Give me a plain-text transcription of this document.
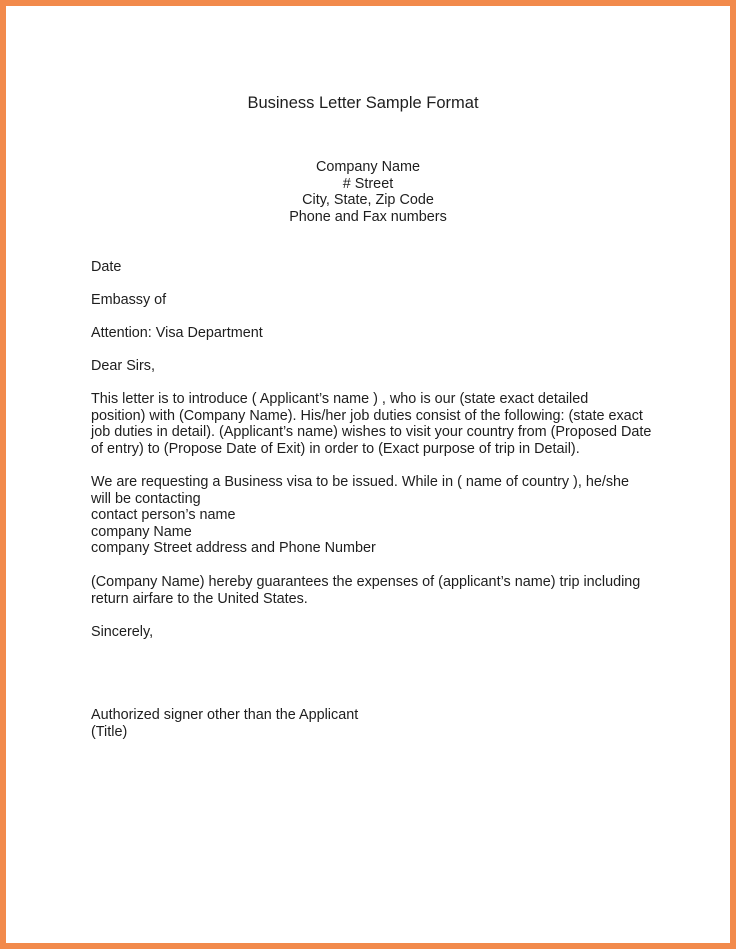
Business Letter Sample Format
Company Name
# Street
City, State, Zip Code
Phone and Fax numbers
Date
Embassy of
Attention: Visa Department
Dear Sirs,
This letter is to introduce ( Applicant’s name ) , who is our (state exact detailed
position) with (Company Name). His/her job duties consist of the following: (state exact
job duties in detail). (Applicant’s name) wishes to visit your country from (Proposed Date
of entry) to (Propose Date of Exit) in order to (Exact purpose of trip in Detail).
We are requesting a Business visa to be issued. While in ( name of country ), he/she
will be contacting
contact person’s name
company Name
company Street address and Phone Number
(Company Name) hereby guarantees the expenses of (applicant’s name) trip including
return airfare to the United States.
Sincerely,
Authorized signer other than the Applicant
(Title)
